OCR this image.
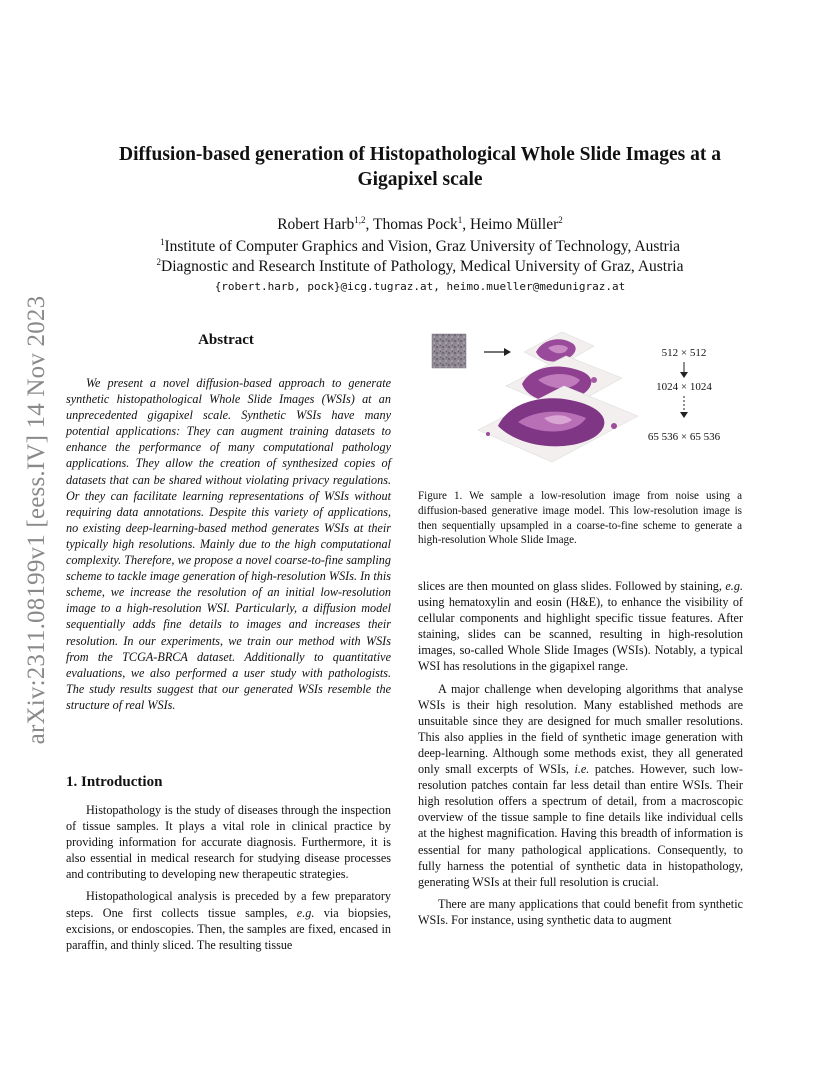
arXiv:2311.08199v1 [eess.IV] 14 Nov 2023
Diffusion-based generation of Histopathological Whole Slide Images at a Gigapixel scale
Robert Harb$^{1,2}$, Thomas Pock$^1$, Heimo Müller$^2$
$^1$Institute of Computer Graphics and Vision, Graz University of Technology, Austria
$^2$Diagnostic and Research Institute of Pathology, Medical University of Graz, Austria
{robert.harb, pock}@icg.tugraz.at, heimo.mueller@medunigraz.at
Abstract
We present a novel diffusion-based approach to generate synthetic histopathological Whole Slide Images (WSIs) at an unprecedented gigapixel scale. Synthetic WSIs have many potential applications: They can augment training datasets to enhance the performance of many computational pathology applications. They allow the creation of synthesized copies of datasets that can be shared without violating privacy regulations. Or they can facilitate learning representations of WSIs without requiring data annotations. Despite this variety of applications, no existing deep-learning-based method generates WSIs at their typically high resolutions. Mainly due to the high computational complexity. Therefore, we propose a novel coarse-to-fine sampling scheme to tackle image generation of high-resolution WSIs. In this scheme, we increase the resolution of an initial low-resolution image to a high-resolution WSI. Particularly, a diffusion model sequentially adds fine details to images and increases their resolution. In our experiments, we train our method with WSIs from the TCGA-BRCA dataset. Additionally to quantitative evaluations, we also performed a user study with pathologists. The study results suggest that our generated WSIs resemble the structure of real WSIs.
1. Introduction

Histopathology is the study of diseases through the inspection of tissue samples. It plays a vital role in clinical practice by providing information for accurate diagnosis. Furthermore, it is also essential in medical research for studying disease processes and contributing to developing new therapeutic strategies.

Histopathological analysis is preceded by a few preparatory steps. One first collects tissue samples, e.g. via biopsies, excisions, or endoscopies. Then, the samples are fixed, encased in paraffin, and thinly sliced. The resulting tissue

512 × 512
1024 × 1024
65 536 × 65 536
Figure 1. We sample a low-resolution image from noise using a diffusion-based generative image model. This low-resolution image is then sequentially upsampled in a coarse-to-fine scheme to generate a high-resolution Whole Slide Image.

slices are then mounted on glass slides. Followed by staining, e.g. using hematoxylin and eosin (H&E), to enhance the visibility of cellular components and highlight specific tissue features. After staining, slides can be scanned, resulting in high-resolution images, so-called Whole Slide Images (WSIs). Notably, a typical WSI has resolutions in the gigapixel range.

A major challenge when developing algorithms that analyse WSIs is their high resolution. Many established methods are unsuitable since they are designed for much smaller resolutions. This also applies in the field of synthetic image generation with deep-learning. Although some methods exist, they all generated only small excerpts of WSIs, i.e. patches. However, such low-resolution patches contain far less detail than entire WSIs. Their high resolution offers a spectrum of detail, from a macroscopic overview of the tissue sample to fine details like individual cells at the highest magnification. Having this breadth of information is essential for many pathological applications. Consequently, to fully harness the potential of synthetic data in histopathology, generating WSIs at their full resolution is crucial.

There are many applications that could benefit from synthetic WSIs. For instance, using synthetic data to augment
